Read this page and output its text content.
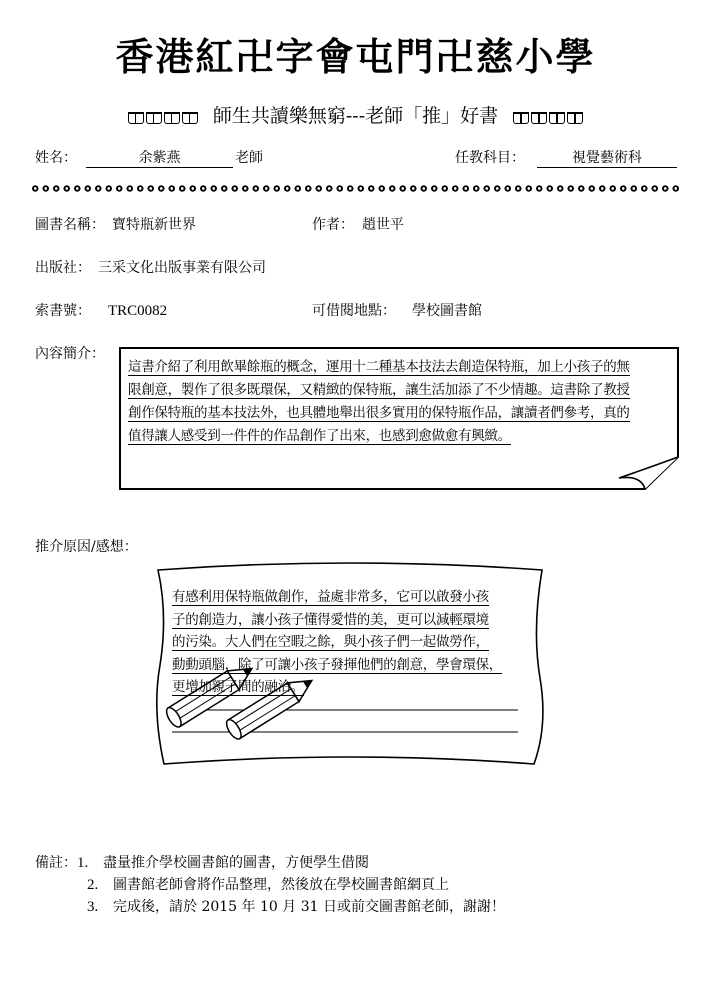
香港紅卍字會屯門卍慈小學
師生共讀樂無窮---老師「推」好書
姓名：	余紫燕	老師	任教科目：	視覺藝術科
圖書名稱： 寶特瓶新世界	作者： 趙世平
出版社： 三采文化出版事業有限公司
索書號： TRC0082	可借閱地點： 學校圖書館
內容簡介：
這書介紹了利用飲畢餘瓶的概念，運用十二種基本技法去創造保特瓶，加上小孩子的無
限創意，製作了很多既環保，又精緻的保特瓶，讓生活加添了不少情趣。這書除了教授
創作保特瓶的基本技法外，也具體地舉出很多實用的保特瓶作品，讓讀者們參考，真的
值得讓人感受到一件件的作品創作了出來，也感到愈做愈有興緻。
推介原因/感想：
有感利用保特瓶做創作，益處非常多，它可以啟發小孩
子的創造力，讓小孩子懂得愛惜的美，更可以減輕環境
的污染。大人們在空暇之餘，與小孩子們一起做勞作，
動動頭腦，除了可讓小孩子發揮他們的創意，學會環保，
更增加親子間的融洽。
備註：1. 盡量推介學校圖書館的圖書，方便學生借閱
2. 圖書館老師會將作品整理，然後放在學校圖書館網頁上
3. 完成後，請於 2015 年 10 月 31 日或前交圖書館老師，謝謝！
